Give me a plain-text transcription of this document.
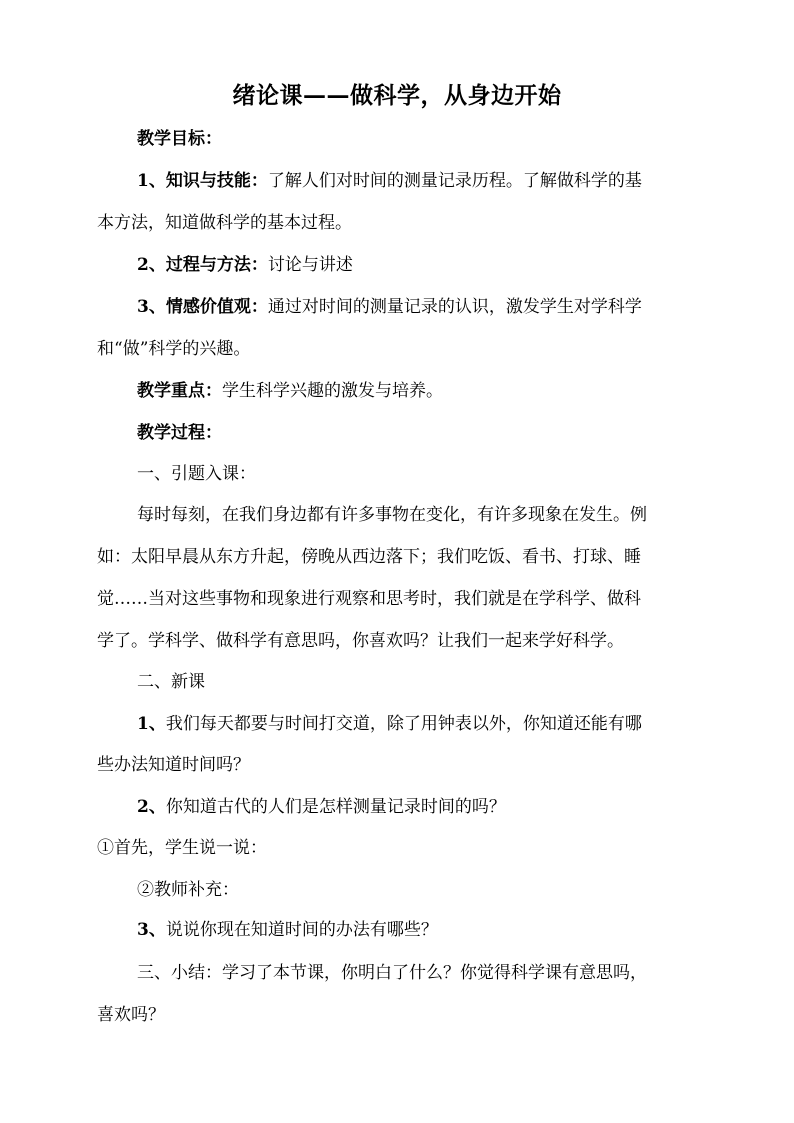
绪论课——做科学，从身边开始
教学目标：
1、知识与技能：了解人们对时间的测量记录历程。了解做科学的基
本方法，知道做科学的基本过程。
2、过程与方法：讨论与讲述
3、情感价值观：通过对时间的测量记录的认识，激发学生对学科学
和“做”科学的兴趣。
教学重点：学生科学兴趣的激发与培养。
教学过程：
一、引题入课：
每时每刻，在我们身边都有许多事物在变化，有许多现象在发生。例
如：太阳早晨从东方升起，傍晚从西边落下；我们吃饭、看书、打球、睡
觉……当对这些事物和现象进行观察和思考时，我们就是在学科学、做科
学了。学科学、做科学有意思吗，你喜欢吗？让我们一起来学好科学。
二、新课
1、我们每天都要与时间打交道，除了用钟表以外，你知道还能有哪
些办法知道时间吗？
2、你知道古代的人们是怎样测量记录时间的吗？
①首先，学生说一说：
②教师补充：
3、说说你现在知道时间的办法有哪些？
三、小结：学习了本节课，你明白了什么？你觉得科学课有意思吗，
喜欢吗？
